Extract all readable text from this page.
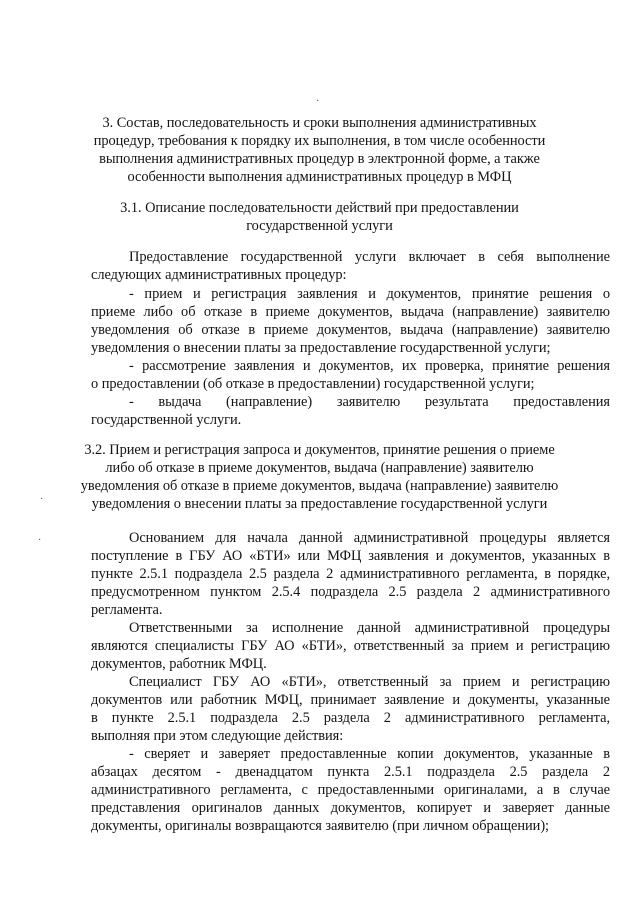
·
·
·
3. Состав, последовательность и сроки выполнения административных
процедур, требования к порядку их выполнения, в том числе особенности
выполнения административных процедур в электронной форме, а также
особенности выполнения административных процедур в МФЦ
3.1. Описание последовательности действий при предоставлении
государственной услуги
Предоставление государственной услуги включает в себя выполнение
следующих административных процедур:
- прием и регистрация заявления и документов, принятие решения о
приеме либо об отказе в приеме документов, выдача (направление) заявителю
уведомления об отказе в приеме документов, выдача (направление) заявителю
уведомления о внесении платы за предоставление государственной услуги;
- рассмотрение заявления и документов, их проверка, принятие решения
о предоставлении (об отказе в предоставлении) государственной услуги;
- выдача (направление) заявителю результата предоставления
государственной услуги.
3.2. Прием и регистрация запроса и документов, принятие решения о приеме
либо об отказе в приеме документов, выдача (направление) заявителю
уведомления об отказе в приеме документов, выдача (направление) заявителю
уведомления о внесении платы за предоставление государственной услуги
Основанием для начала данной административной процедуры является
поступление в ГБУ АО «БТИ» или МФЦ заявления и документов, указанных в
пункте 2.5.1 подраздела 2.5 раздела 2 административного регламента, в порядке,
предусмотренном пунктом 2.5.4 подраздела 2.5 раздела 2 административного
регламента.
Ответственными за исполнение данной административной процедуры
являются специалисты ГБУ АО «БТИ», ответственный за прием и регистрацию
документов, работник МФЦ.
Специалист ГБУ АО «БТИ», ответственный за прием и регистрацию
документов или работник МФЦ, принимает заявление и документы, указанные
в пункте 2.5.1 подраздела 2.5 раздела 2 административного регламента,
выполняя при этом следующие действия:
- сверяет и заверяет предоставленные копии документов, указанные в
абзацах десятом - двенадцатом пункта 2.5.1 подраздела 2.5 раздела 2
административного регламента, с предоставленными оригиналами, а в случае
представления оригиналов данных документов, копирует и заверяет данные
документы, оригиналы возвращаются заявителю (при личном обращении);
